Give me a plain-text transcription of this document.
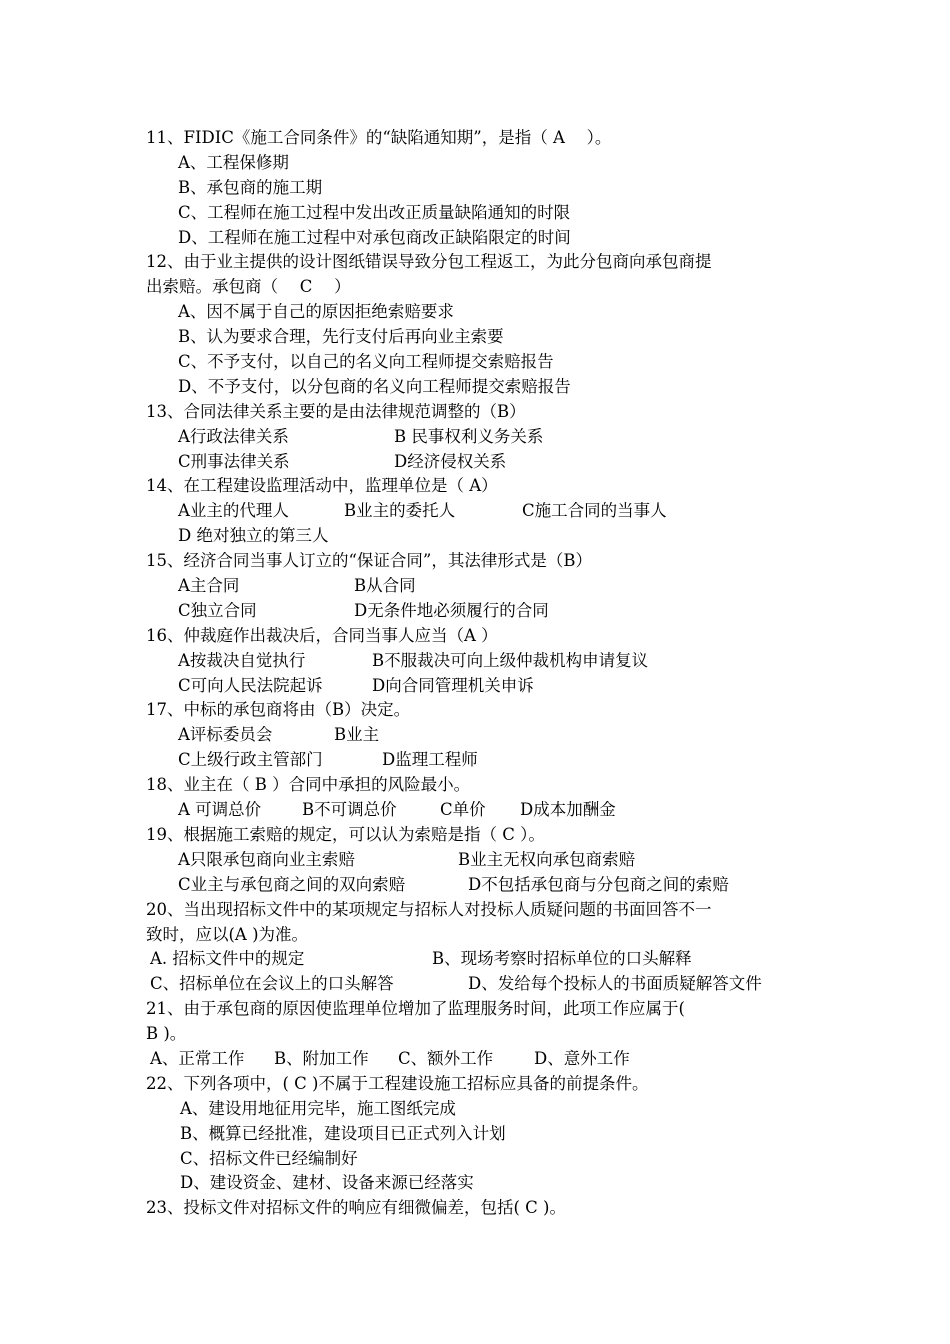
11、FIDIC《施工合同条件》的“缺陷通知期”，是指（ A　 ）。
A、工程保修期
B、承包商的施工期
C、工程师在施工过程中发出改正质量缺陷通知的时限
D、工程师在施工过程中对承包商改正缺陷限定的时间
12、由于业主提供的设计图纸错误导致分包工程返工，为此分包商向承包商提
出索赔。承包商（　 C　 ）
A、因不属于自己的原因拒绝索赔要求
B、认为要求合理，先行支付后再向业主索要
C、不予支付，以自己的名义向工程师提交索赔报告
D、不予支付，以分包商的名义向工程师提交索赔报告
13、合同法律关系主要的是由法律规范调整的（B）
A行政法律关系	B 民事权利义务关系
C刑事法律关系	D经济侵权关系
14、在工程建设监理活动中，监理单位是（ A）
A业主的代理人	B业主的委托人	C施工合同的当事人
D 绝对独立的第三人
15、经济合同当事人订立的“保证合同”，其法律形式是（B）
A主合同	B从合同
C独立合同	D无条件地必须履行的合同
16、仲裁庭作出裁决后，合同当事人应当（A ）
A按裁决自觉执行	B不服裁决可向上级仲裁机构申请复议
C可向人民法院起诉	D向合同管理机关申诉
17、中标的承包商将由（B）决定。
A评标委员会	B业主
C上级行政主管部门	D监理工程师
18、业主在（ B ）合同中承担的风险最小。
A 可调总价 B不可调总价	C单价 D成本加酬金
19、根据施工索赔的规定，可以认为索赔是指（ C ）。
A只限承包商向业主索赔	B业主无权向承包商索赔
C业主与承包商之间的双向索赔	D不包括承包商与分包商之间的索赔
20、当出现招标文件中的某项规定与招标人对投标人质疑问题的书面回答不一
致时，应以(A )为准。
A. 招标文件中的规定	B、现场考察时招标单位的口头解释
C、招标单位在会议上的口头解答	D、发给每个投标人的书面质疑解答文件
21、由于承包商的原因使监理单位增加了监理服务时间，此项工作应属于(
B )。
A、正常工作 B、附加工作 C、额外工作 D、意外工作
22、下列各项中，( C )不属于工程建设施工招标应具备的前提条件。
A、建设用地征用完毕，施工图纸完成
B、概算已经批准，建设项目已正式列入计划
C、招标文件已经编制好
D、建设资金、建材、设备来源已经落实
23、投标文件对招标文件的响应有细微偏差，包括( C )。
